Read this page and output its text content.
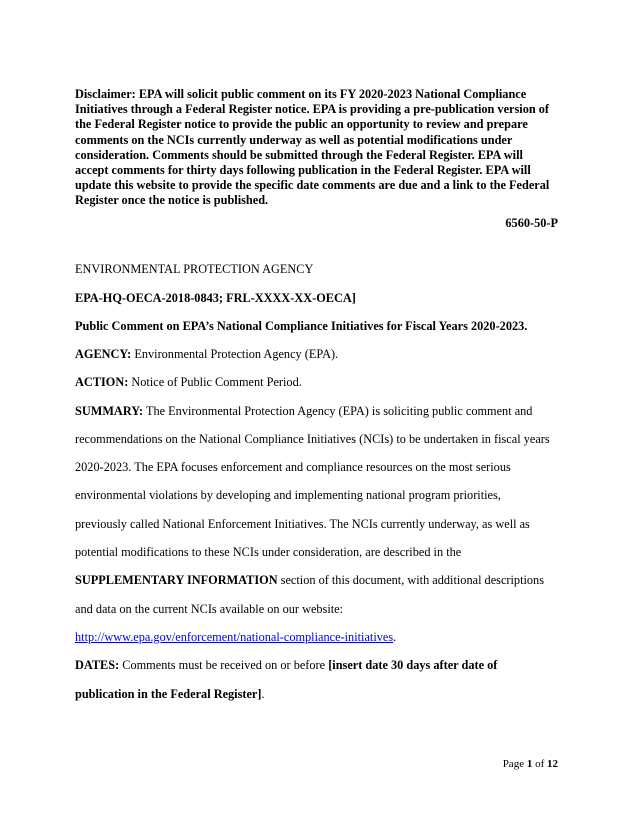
Disclaimer: EPA will solicit public comment on its FY 2020-2023 National Compliance Initiatives through a Federal Register notice. EPA is providing a pre-publication version of the Federal Register notice to provide the public an opportunity to review and prepare comments on the NCIs currently underway as well as potential modifications under consideration. Comments should be submitted through the Federal Register. EPA will accept comments for thirty days following publication in the Federal Register. EPA will update this website to provide the specific date comments are due and a link to the Federal Register once the notice is published.

6560-50-P

ENVIRONMENTAL PROTECTION AGENCY

EPA-HQ-OECA-2018-0843; FRL-XXXX-XX-OECA]

Public Comment on EPA’s National Compliance Initiatives for Fiscal Years 2020-2023.

AGENCY: Environmental Protection Agency (EPA).

ACTION: Notice of Public Comment Period.

SUMMARY: The Environmental Protection Agency (EPA) is soliciting public comment and

recommendations on the National Compliance Initiatives (NCIs) to be undertaken in fiscal years

2020-2023. The EPA focuses enforcement and compliance resources on the most serious

environmental violations by developing and implementing national program priorities,

previously called National Enforcement Initiatives. The NCIs currently underway, as well as

potential modifications to these NCIs under consideration, are described in the

SUPPLEMENTARY INFORMATION section of this document, with additional descriptions

and data on the current NCIs available on our website:

http://www.epa.gov/enforcement/national-compliance-initiatives.

DATES: Comments must be received on or before [insert date 30 days after date of

publication in the Federal Register].

Page 1 of 12
